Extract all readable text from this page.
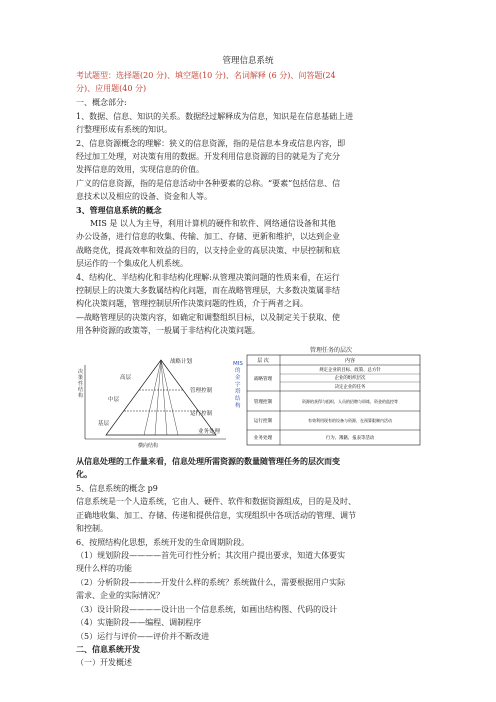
管理信息系统
考试题型：选择题(20 分)、填空题(10 分)、名词解释 (6 分)、问答题(24
分)、应用题(40 分)
一、概念部分:
1、数据、信息、知识的关系。数据经过解释成为信息，知识是在信息基础上进
行整理形成有系统的知识。
2、信息资源概念的理解：狭义的信息资源，指的是信息本身或信息内容，即
经过加工处理，对决策有用的数据。开发利用信息资源的目的就是为了充分
发挥信息的效用，实现信息的价值。
广义的信息资源，指的是信息活动中各种要素的总称。“要素”包括信息、信
息技术以及相应的设备、资金和人等。
3、管理信息系统的概念
MIS 是 以人为主导，利用计算机的硬件和软件、网络通信设备和其他
办公设备，进行信息的收集、传输、加工、存储、更新和维护，以达到企业
战略竞优，提高效率和效益的目的，以支持企业的高层决策、中层控制和底
层运作的一个集成化人机系统。
4、结构化、半结构化和非结构化理解:从管理决策问题的性质来看，在运行
控制层上的决策大多数属结构化问题，而在战略管理层，大多数决策属非结
构化决策问题，管理控制层所作决策问题的性质，介于两者之间。
—战略管理层的决策内容，如确定和调整组织目标，以及制定关于获取、使
用各种资源的政策等，一般属于非结构化决策问题。
决策性结构
高层
中层
基层
战略计划
管理控制
运行控制
业务处理
横向结构
MIS 的金字塔结构
管理任务的层次
层 次	内容
战略管理
规定企业的目标、政策、总方针
企业的组织层次
决定企业的任务
管理控制	资源的获得与组织，人员的招聘与训练，资金的监控等
运行控制	有效利用现有的设备与资源，在预算限制内活动
业务处理	行为、簿籍、报表等活动
从信息处理的工作量来看，信息处理所需资源的数量随管理任务的层次而变
化。
5、信息系统的概念 p9
信息系统是一个人造系统，它由人、硬件、软件和数据资源组成，目的是及时、
正确地收集、加工、存储、传递和提供信息，实现组织中各项活动的管理、调节
和控制。
6、按照结构化思想，系统开发的生命周期阶段。
（1）规划阶段————首先可行性分析；其次用户提出要求，知道大体要实
现什么样的功能
（2）分析阶段————开发什么样的系统？系统做什么，需要根据用户实际
需求、企业的实际情况？
（3）设计阶段————设计出一个信息系统，如画出结构图、代码的设计
（4）实施阶段——编程、调制程序
（5）运行与评价——评价并不断改进
二、信息系统开发
（一）开发概述
